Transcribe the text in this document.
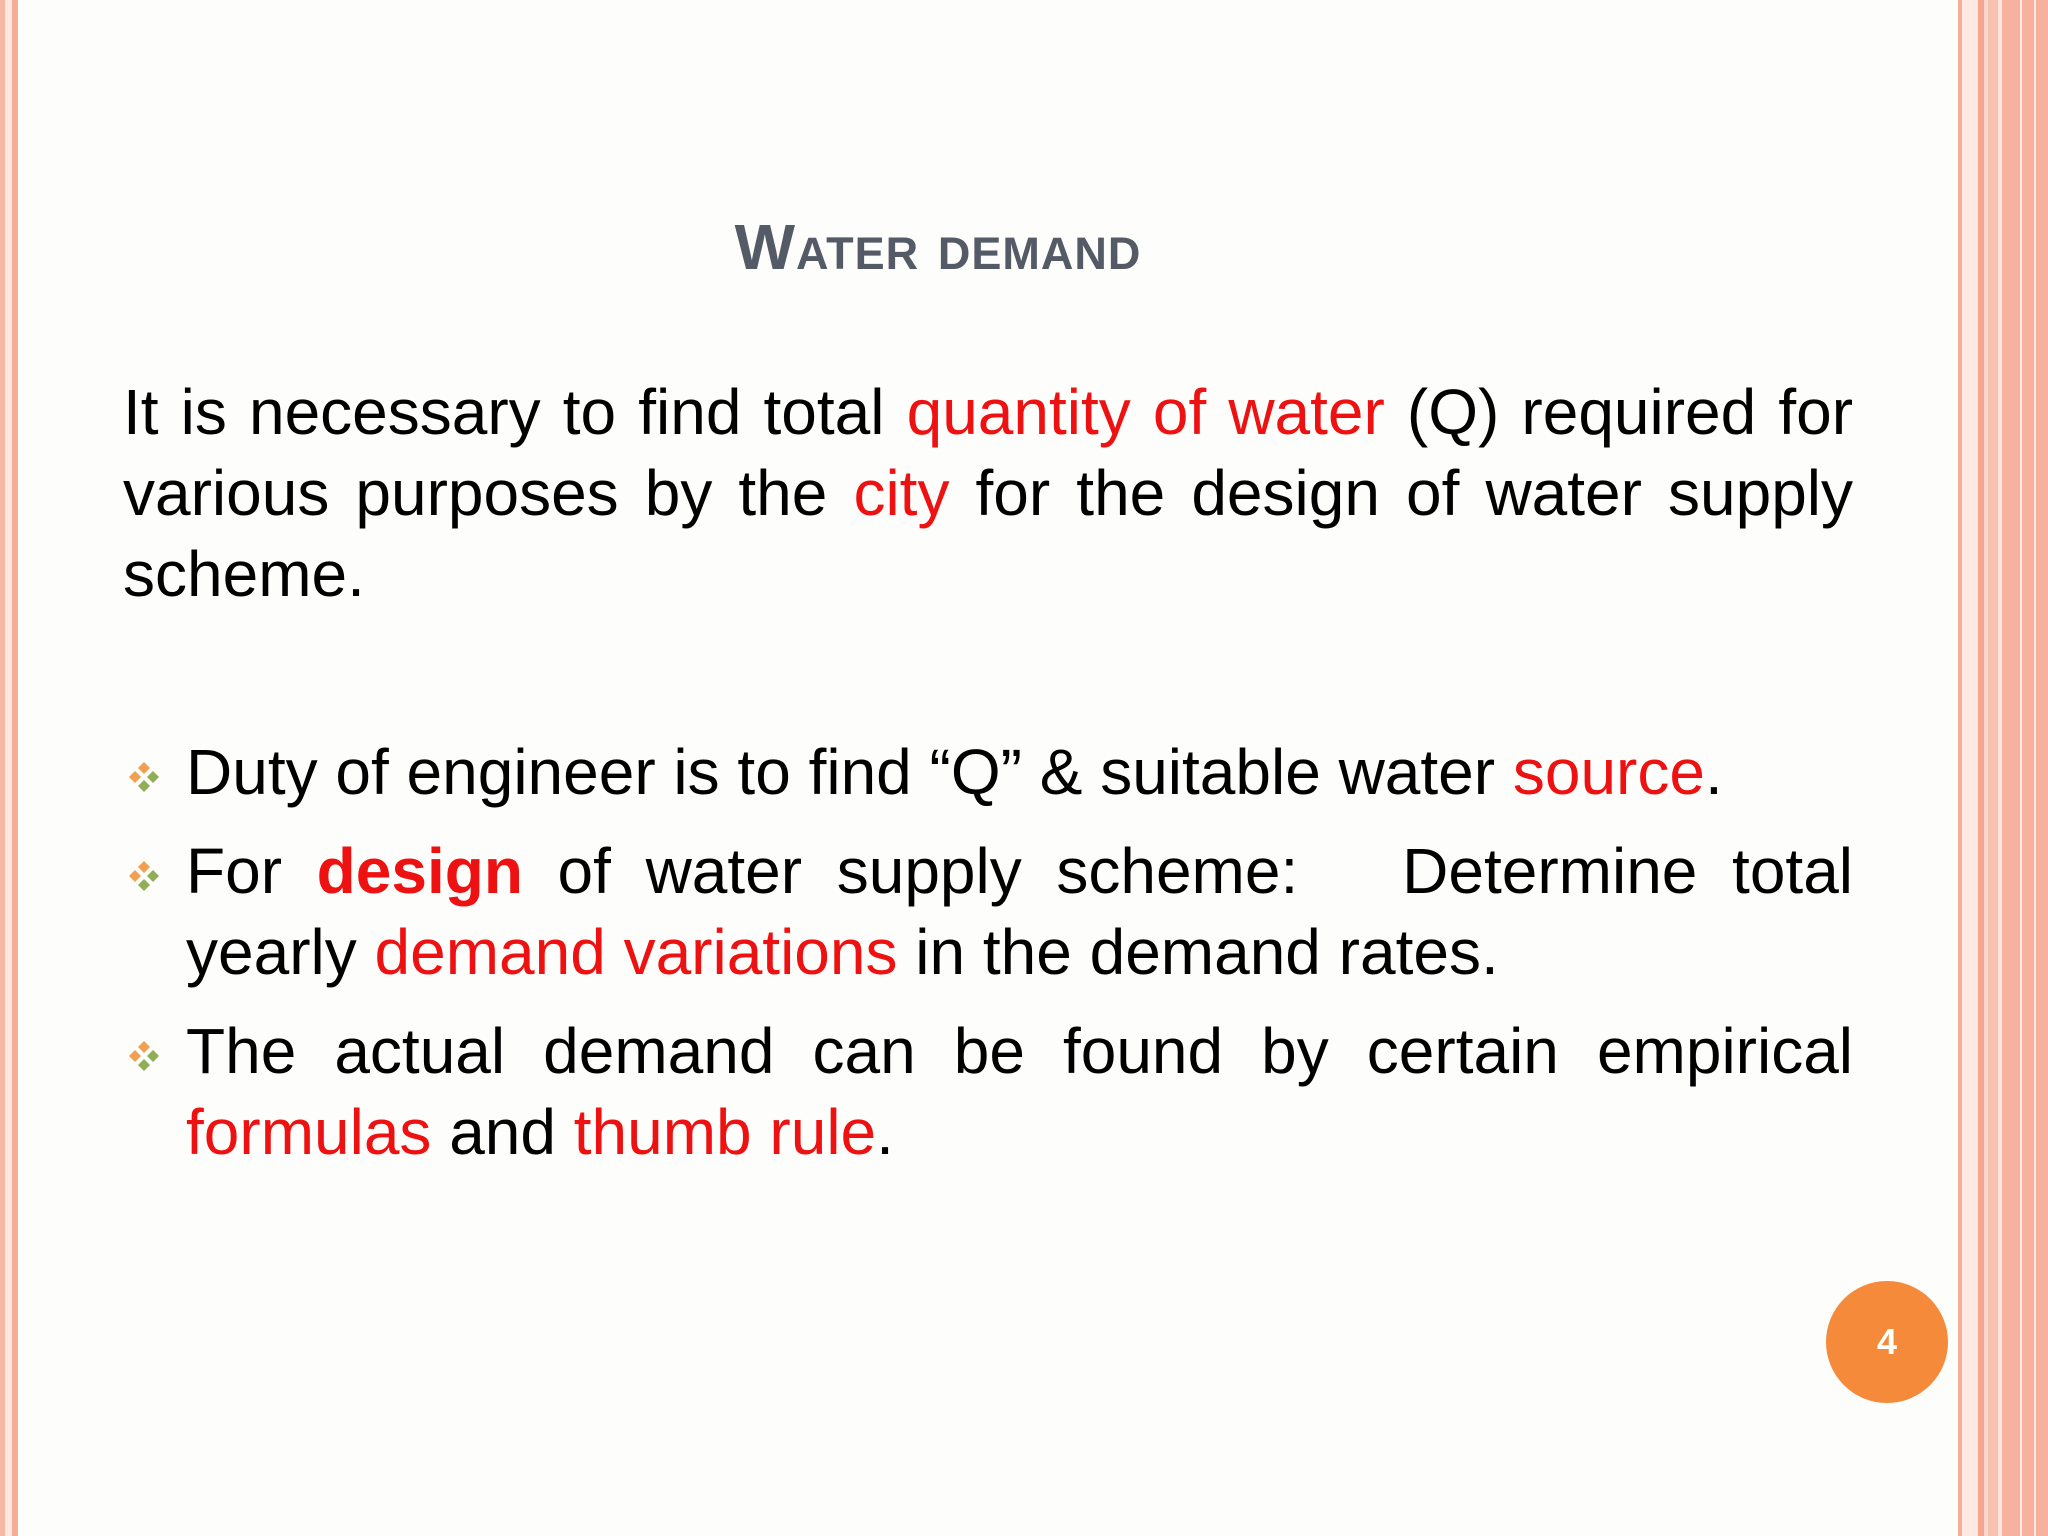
Water demand

It is necessary to find total quantity of water (Q) required for various purposes by the city for the design of water supply scheme.

Duty of engineer is to find “Q” & suitable water source.
For design of water supply scheme:   Determine total yearly demand variations in the demand rates.
The actual demand can be found by certain empirical formulas and thumb rule.
4
